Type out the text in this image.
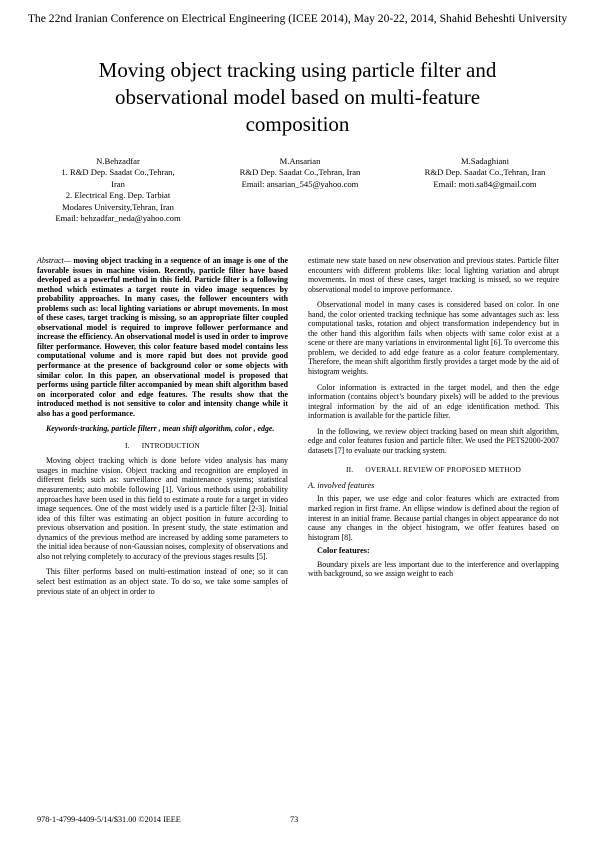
The 22nd Iranian Conference on Electrical Engineering (ICEE 2014), May 20-22, 2014, Shahid Beheshti University
Moving object tracking using particle filter and
observational model based on multi-feature
composition
N.Behzadfar
1. R&D Dep. Saadat Co.,Tehran,
Iran
2. Electrical Eng. Dep. Tarbiat
Modares University,Tehran, Iran
Email: behzadfar_neda@yahoo.com
M.Ansarian
R&D Dep. Saadat Co.,Tehran, Iran
Email: ansarian_545@yahoo.com
M.Sadaghiani
R&D Dep. Saadat Co.,Tehran, Iran
Email: moti.sa84@gmail.com

Abstract— moving object tracking in a sequence of an image is one of the favorable issues in machine vision. Recently, particle filter have based developed as a powerful method in this field. Particle filter is a following method which estimates a target route in video image sequences by probability approaches. In many cases, the follower encounters with problems such as: local lighting variations or abrupt movements. In most of these cases, target tracking is missing, so an appropriate filter coupled observational model is required to improve follower performance and increase the efficiency. An observational model is used in order to improve filter performance. However, this color feature based model contains less computational volume and is more rapid but does not provide good performance at the presence of background color or some objects with similar color. In this paper, an observational model is proposed that performs using particle filter accompanied by mean shift algorithm based on incorporated color and edge features. The results show that the introduced method is not sensitive to color and intensity change while it also has a good performance.

Keywords-tracking, particle filterr , mean shift algorithm, color , edge.

I. INTRODUCTION

Moving object tracking which is done before video analysis has many usages in machine vision. Object tracking and recognition are employed in different fields such as: surveillance and maintenance systems; statistical measurements; auto mobile following [1]. Various methods using probability approaches have been used in this field to estimate a route for a target in video image sequences. One of the most widely used is a particle filter [2-3]. Initial idea of this filter was estimating an object position in future according to previous observation and position. In present study, the state estimation and dynamics of the previous method are increased by adding some parameters to the initial idea because of non-Gaussian noises, complexity of observations and also not relying completely to accuracy of the previous stages results [5].

This filter performs based on multi-estimation instead of one; so it can select best estimation as an object state. To do so, we take some samples of previous state of an object in order to

estimate new state based on new observation and previous states. Particle filter encounters with different problems like: local lighting variation and abrupt movements. In most of these cases, target tracking is missed, so we require observational model to improve performance.

Observational model in many cases is considered based on color. In one hand, the color oriented tracking technique has some advantages such as: less computational tasks, rotation and object transformation independency but in the other hand this algorithm fails when objects with same color exist at a scene or there are many variations in environmental light [6]. To overcome this problem, we decided to add edge feature as a color feature complementary. Therefore, the mean shift algorithm firstly provides a target mode by the aid of histogram weights.

Color information is extracted in the target model, and then the edge information (contains object’s boundary pixels) will be added to the previous integral information by the aid of an edge identification method. This information is available for the particle filter.

In the following, we review object tracking based on mean shift algorithm, edge and color features fusion and particle filter. We used the PETS2000-2007 datasets [7] to evaluate our tracking system.

II. OVERALL REVIEW OF PROPOSED METHOD

A. involved features

In this paper, we use edge and color features which are extracted from marked region in first frame. An ellipse window is defined about the region of interest in an initial frame. Because partial changes in object appearance do not cause any changes in the object histogram, we offer features based on histogram [8].

Color features:

Boundary pixels are less important due to the interference and overlapping with background, so we assign weight to each

978-1-4799-4409-5/14/$31.00 ©2014 IEEE	73
